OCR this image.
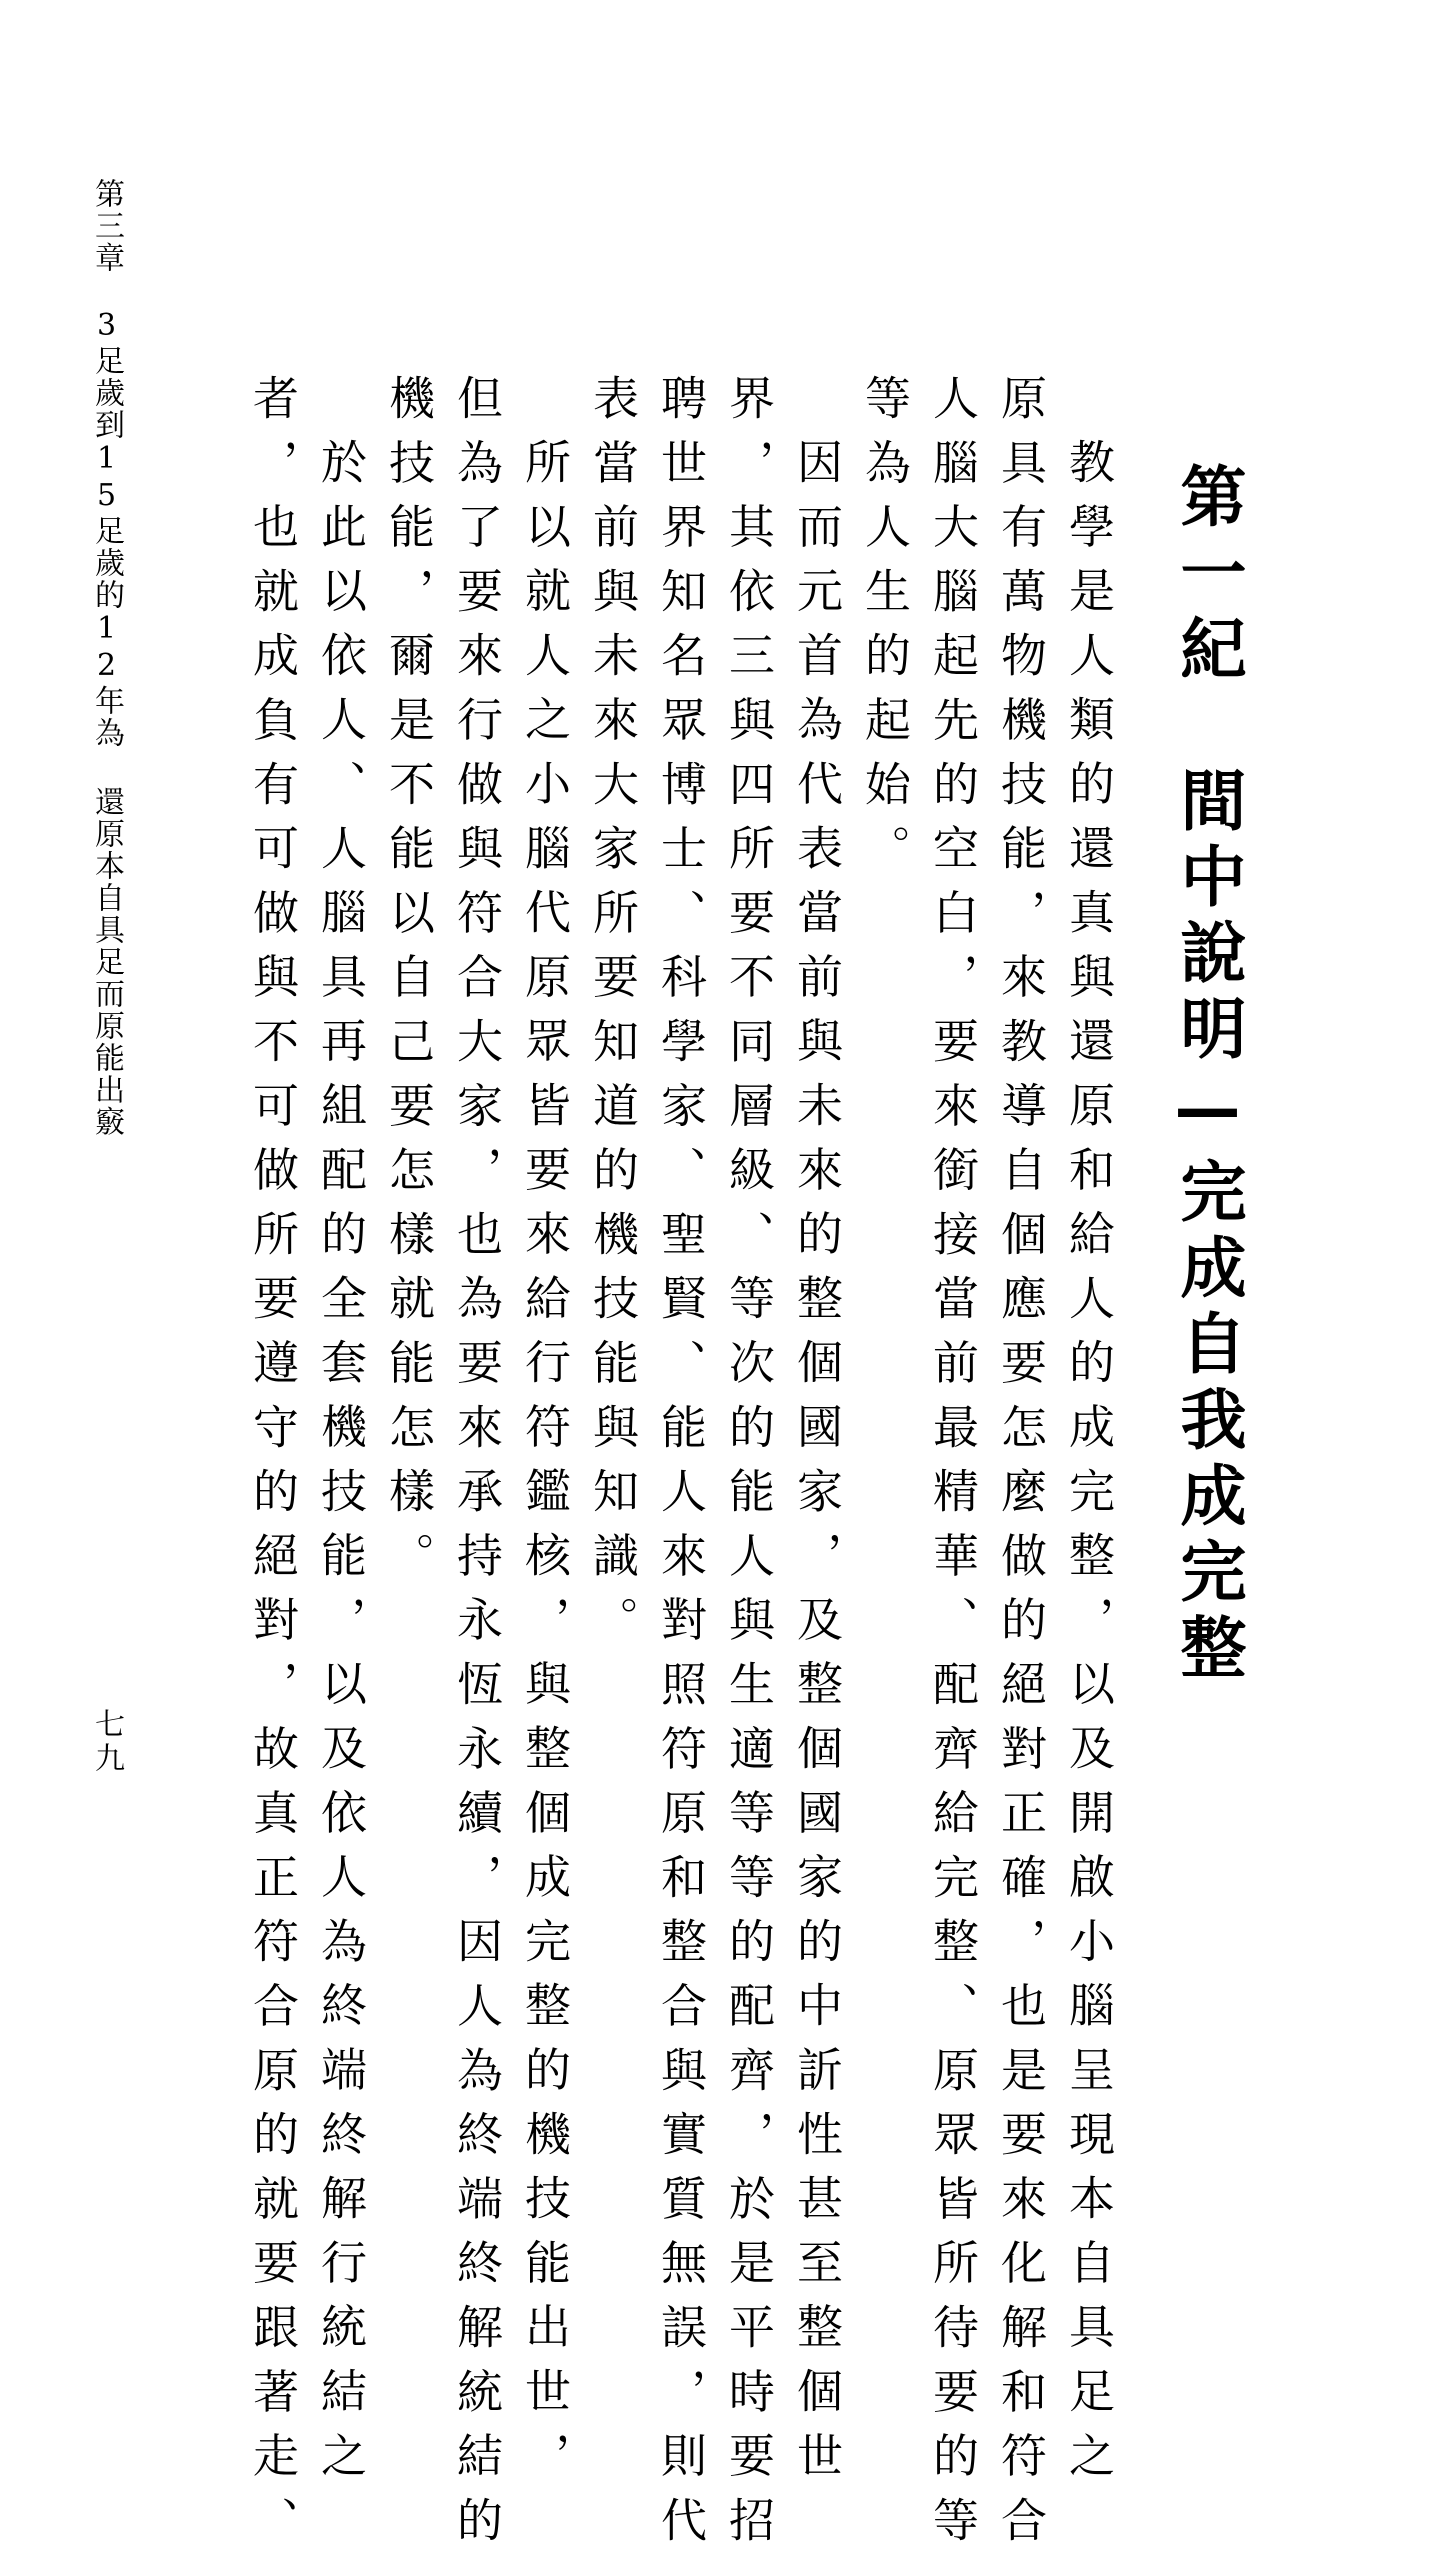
第一紀　間中說明—完成自我成完整
教學是人類的還真與還原和給人的成完整，以及開啟小腦呈現本自具足之
原具有萬物機技能，來教導自個應要怎麼做的絕對正確，也是要來化解和符合
人腦大腦起先的空白，要來銜接當前最精華、配齊給完整、原眾皆所待要的等
等為人生的起始。
因而元首為代表當前與未來的整個國家，及整個國家的中訢性甚至整個世
界，其依三與四所要不同層級、等次的能人與生適等等的配齊，於是平時要招
聘世界知名眾博士、科學家、聖賢、能人來對照符原和整合與實質無誤，則代
表當前與未來大家所要知道的機技能與知識。
所以就人之小腦代原眾皆要來給行符鑑核，與整個成完整的機技能出世，
但為了要來行做與符合大家，也為要來承持永恆永續，因人為終端終解統結的
機技能，爾是不能以自己要怎樣就能怎樣。
於此以依人、人腦具再組配的全套機技能，以及依人為終端終解行統結之
者，也就成負有可做與不可做所要遵守的絕對，故真正符合原的就要跟著走、
第三章3足歲到15足歲的12年為 還原本自具足而原能出竅
七九
